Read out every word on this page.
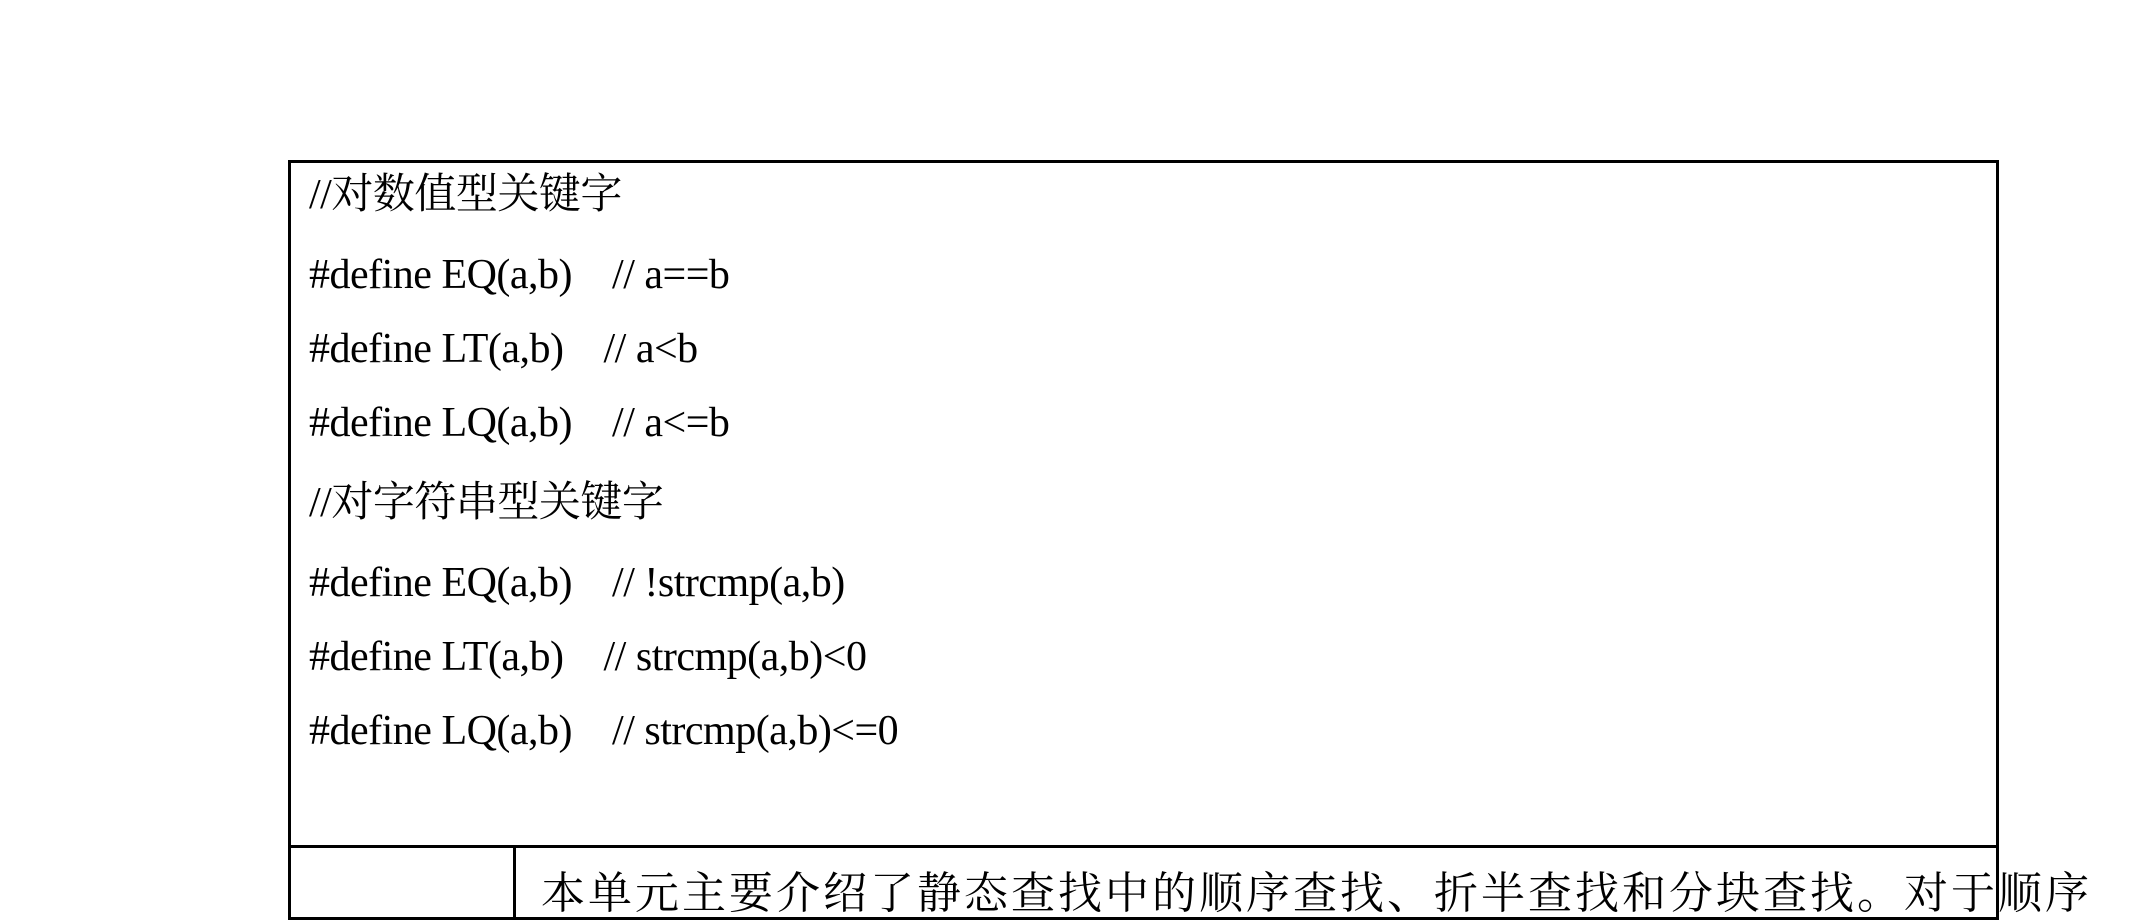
//对数值型关键字
#define EQ(a,b)    // a==b
#define LT(a,b)    // a<b
#define LQ(a,b)    // a<=b
//对字符串型关键字
#define EQ(a,b)    // !strcmp(a,b)
#define LT(a,b)    // strcmp(a,b)<0
#define LQ(a,b)    // strcmp(a,b)<=0
本单元主要介绍了静态查找中的顺序查找、折半查找和分块查找。对于顺序
